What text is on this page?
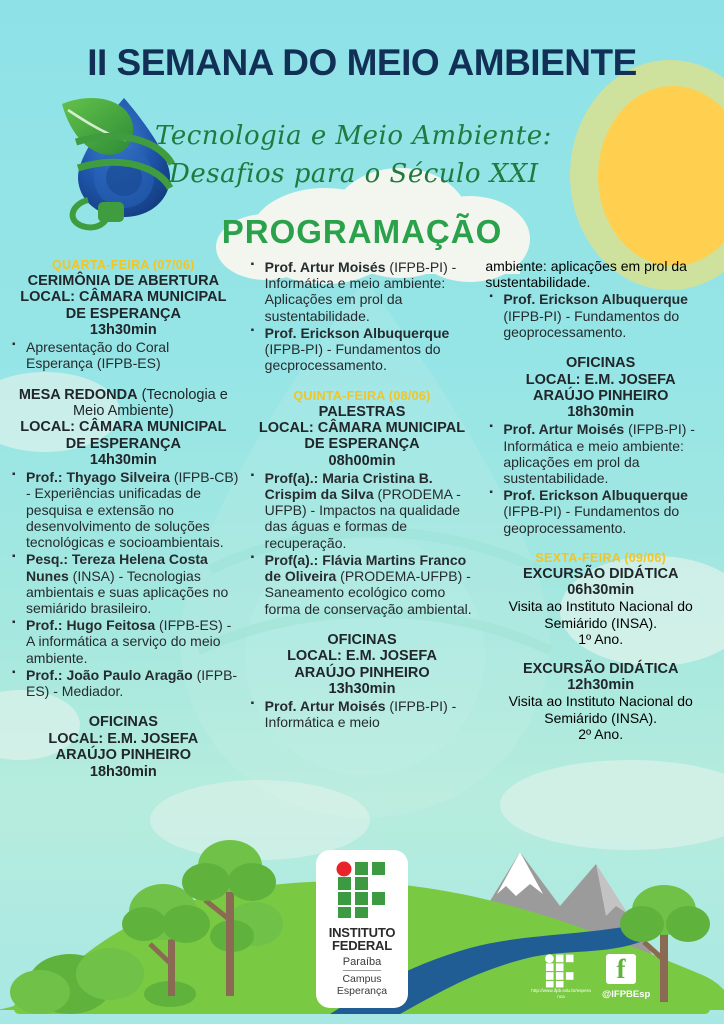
II SEMANA DO MEIO AMBIENTE
Tecnologia e Meio Ambiente:
Desafios para o Século XXI
PROGRAMAÇÃO
QUARTA-FEIRA (07/06)
CERIMÔNIA DE ABERTURA
LOCAL: CÂMARA MUNICIPAL
DE ESPERANÇA
13h30min
▪ Apresentação do Coral Esperança (IFPB-ES)
MESA REDONDA (Tecnologia e Meio Ambiente)
LOCAL: CÂMARA MUNICIPAL
DE ESPERANÇA
14h30min
▪ Prof.: Thyago Silveira (IFPB-CB) - Experiências unificadas de pesquisa e extensão no desenvolvimento de soluções tecnológicas e socioambientais.
▪ Pesq.: Tereza Helena Costa Nunes (INSA) - Tecnologias ambientais e suas aplicações no semiárido brasileiro.
▪ Prof.: Hugo Feitosa (IFPB-ES) - A informática a serviço do meio ambiente.
▪ Prof.: João Paulo Aragão (IFPB-ES) - Mediador.
OFICINAS
LOCAL: E.M. JOSEFA
ARAÚJO PINHEIRO
18h30min
▪ Prof. Artur Moisés (IFPB-PI) - Informática e meio ambiente: Aplicações em prol da sustentabilidade.
▪ Prof. Erickson Albuquerque (IFPB-PI) - Fundamentos do gecprocessamento.
QUINTA-FEIRA (08/06)
PALESTRAS
LOCAL: CÂMARA MUNICIPAL
DE ESPERANÇA
08h00min
▪ Prof(a).: Maria Cristina B. Crispim da Silva (PRODEMA - UFPB) - Impactos na qualidade das águas e formas de recuperação.
▪ Prof(a).: Flávia Martins Franco de Oliveira (PRODEMA-UFPB) - Saneamento ecológico como forma de conservação ambiental.
OFICINAS
LOCAL: E.M. JOSEFA
ARAÚJO PINHEIRO
13h30min
▪ Prof. Artur Moisés (IFPB-PI) - Informática e meio
ambiente: aplicações em prol da sustentabilidade.
▪ Prof. Erickson Albuquerque (IFPB-PI) - Fundamentos do geoprocessamento.
OFICINAS
LOCAL: E.M. JOSEFA
ARAÚJO PINHEIRO
18h30min
▪ Prof. Artur Moisés (IFPB-PI) - Informática e meio ambiente: aplicações em prol da sustentabilidade.
▪ Prof. Erickson Albuquerque (IFPB-PI) - Fundamentos do geoprocessamento.
SEXTA-FEIRA (09/06)
EXCURSÃO DIDÁTICA
06h30min
Visita ao Instituto Nacional do
Semiárido (INSA).
1º Ano.
EXCURSÃO DIDÁTICA
12h30min
Visita ao Instituto Nacional do
Semiárido (INSA).
2º Ano.
INSTITUTO
FEDERAL
Paraíba
Campus
Esperança	http://www.ifpb.edu.br/esperanca
f
@IFPBEsp
